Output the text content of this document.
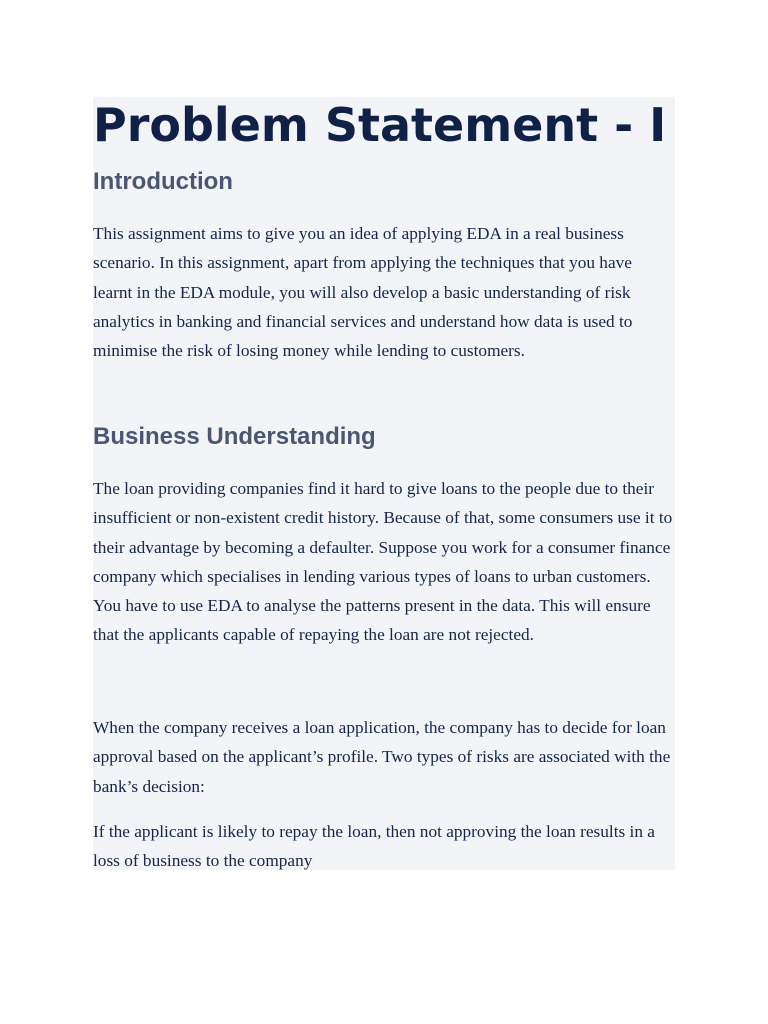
Problem Statement - I
Introduction

This assignment aims to give you an idea of applying EDA in a real business scenario. In this assignment, apart from applying the techniques that you have learnt in the EDA module, you will also develop a basic understanding of risk analytics in banking and financial services and understand how data is used to minimise the risk of losing money while lending to customers.

Business Understanding

The loan providing companies find it hard to give loans to the people due to their insufficient or non-existent credit history. Because of that, some consumers use it to their advantage by becoming a defaulter. Suppose you work for a consumer finance company which specialises in lending various types of loans to urban customers. You have to use EDA to analyse the patterns present in the data. This will ensure that the applicants capable of repaying the loan are not rejected.

When the company receives a loan application, the company has to decide for loan approval based on the applicant’s profile. Two types of risks are associated with the bank’s decision:

If the applicant is likely to repay the loan, then not approving the loan results in a loss of business to the company
